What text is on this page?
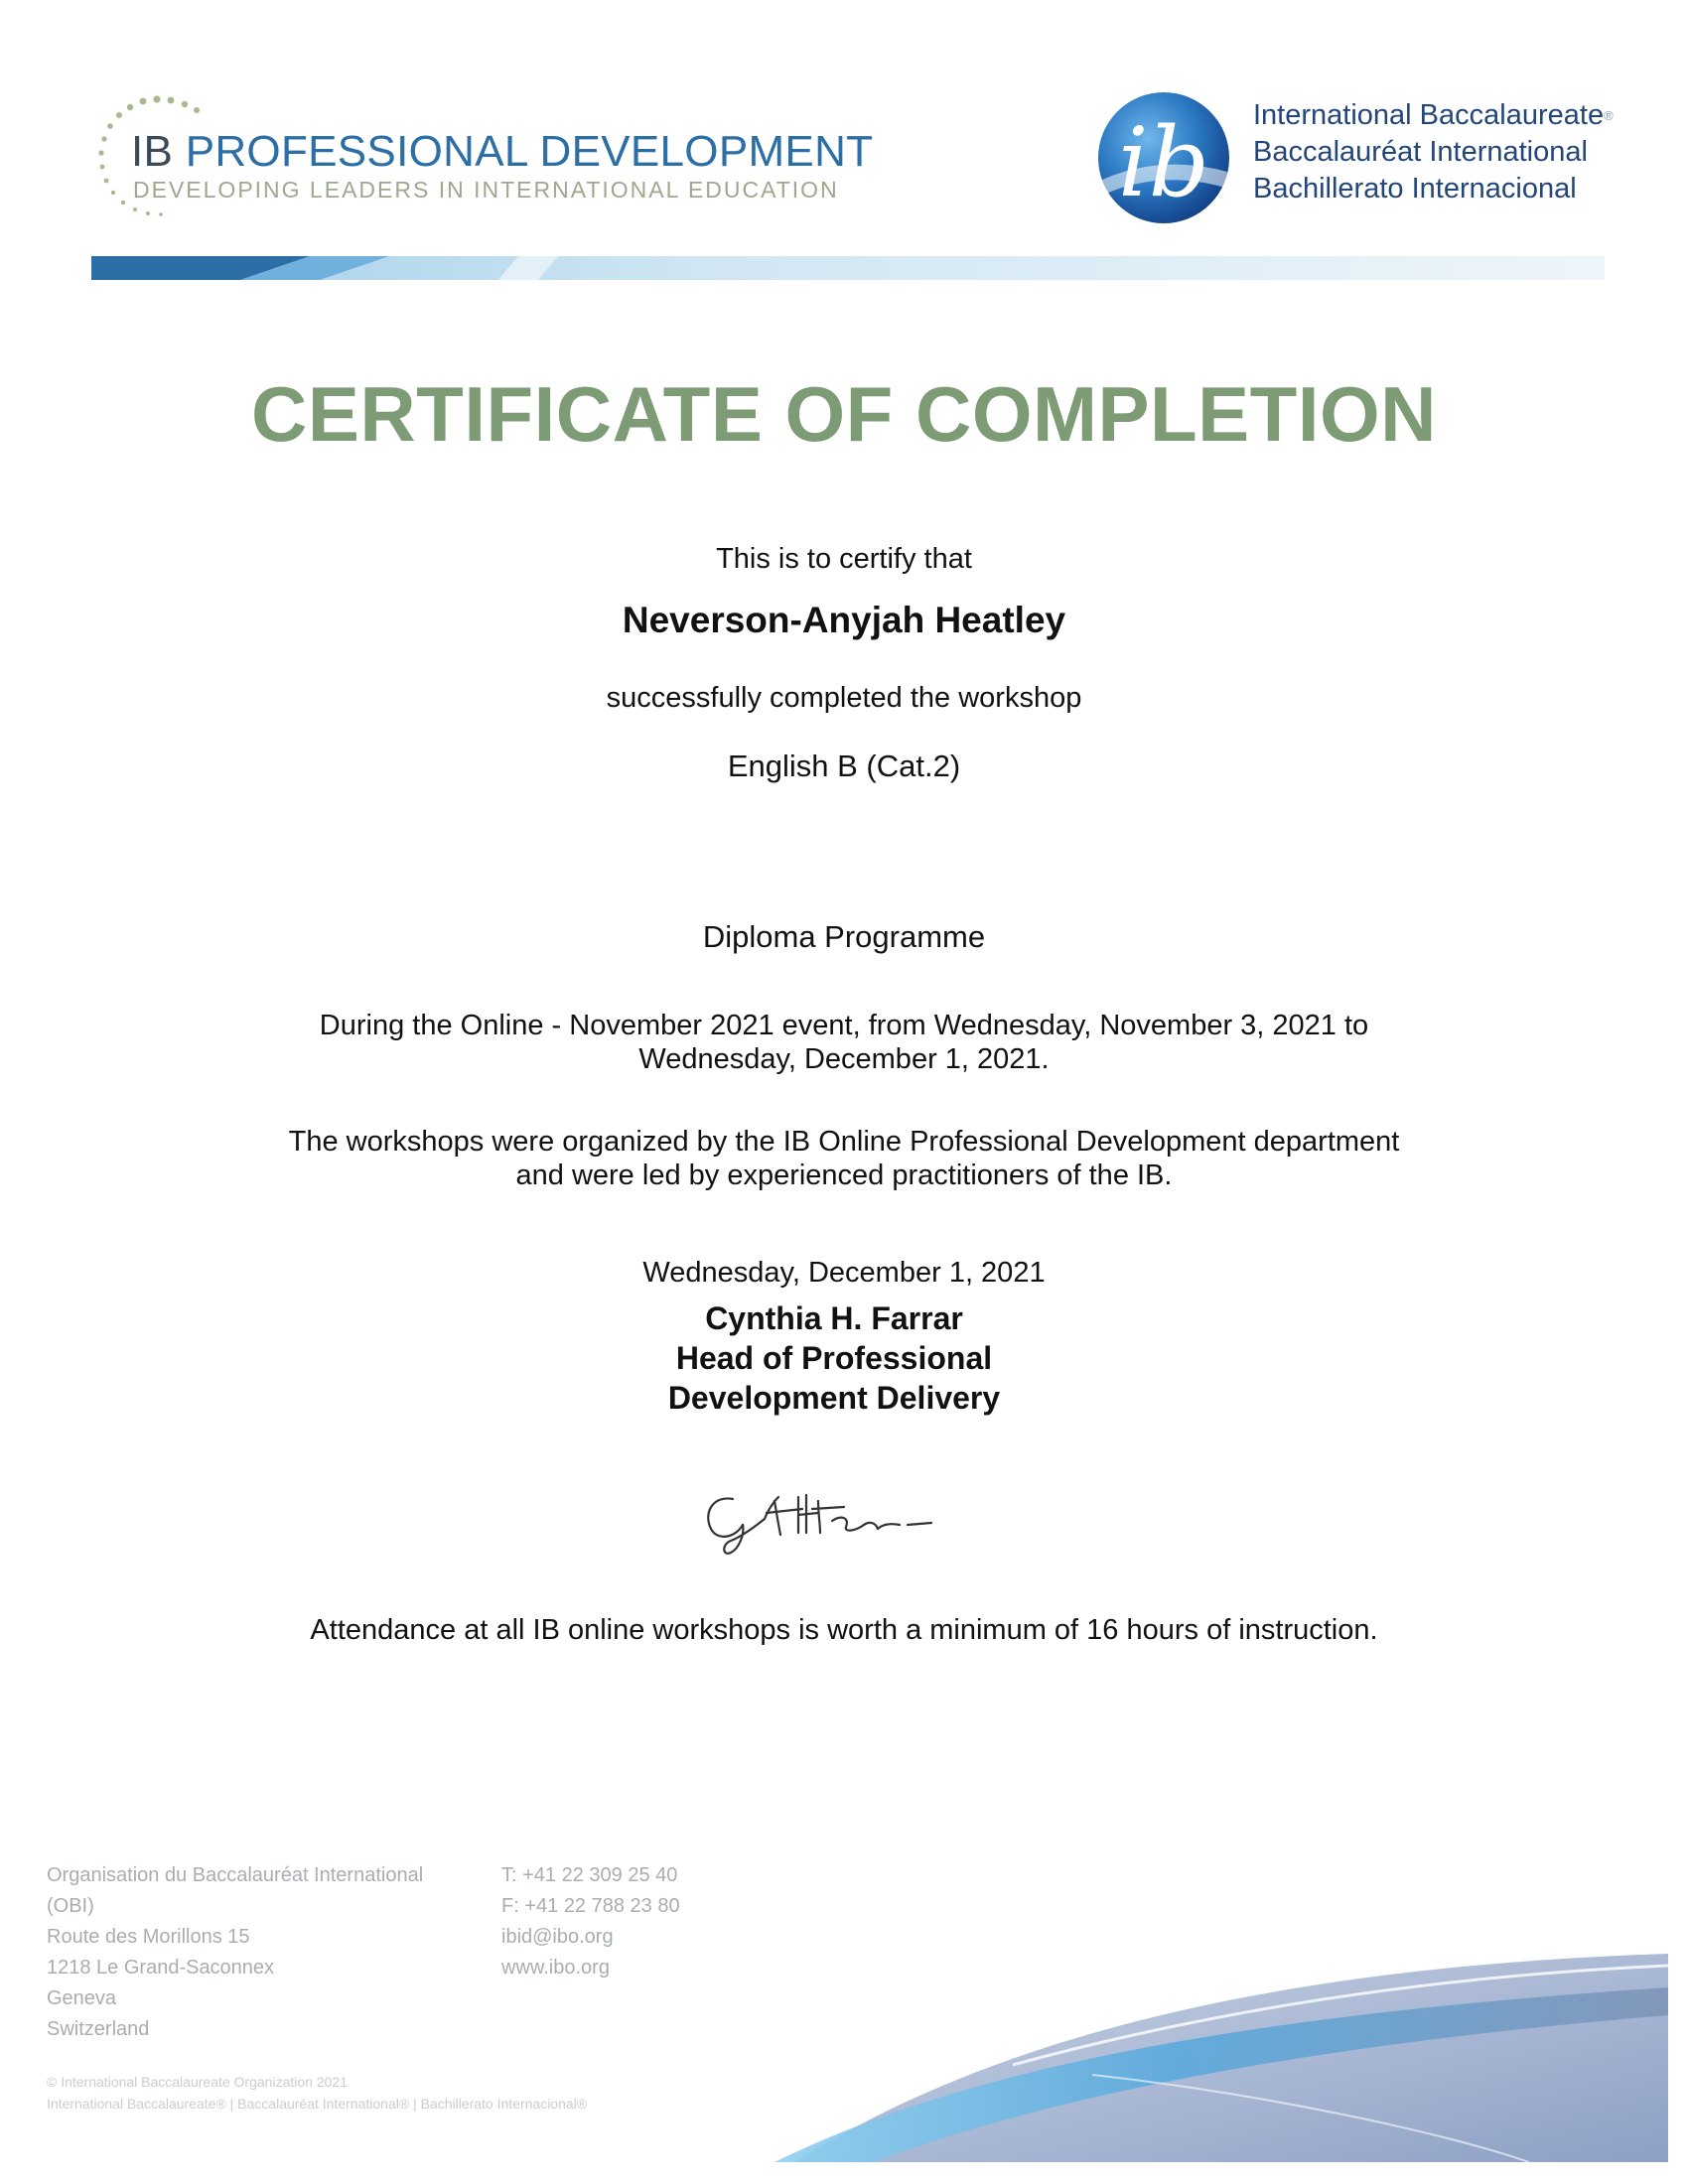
IB PROFESSIONAL DEVELOPMENT
DEVELOPING LEADERS IN INTERNATIONAL EDUCATION	ib International Baccalaureate®
Baccalauréat International
Bachillerato Internacional
CERTIFICATE OF COMPLETION
This is to certify that
Neverson-Anyjah Heatley
successfully completed the workshop
English B (Cat.2)
Diploma Programme
During the Online - November 2021 event, from Wednesday, November 3, 2021 to
Wednesday, December 1, 2021.
The workshops were organized by the IB Online Professional Development department
and were led by experienced practitioners of the IB.
Wednesday, December 1, 2021
Cynthia H. Farrar
Head of Professional
Development Delivery
Attendance at all IB online workshops is worth a minimum of 16 hours of instruction.
Organisation du Baccalauréat International
(OBI)
Route des Morillons 15
1218 Le Grand-Saconnex
Geneva
Switzerland
T: +41 22 309 25 40
F: +41 22 788 23 80
ibid@ibo.org
www.ibo.org
© International Baccalaureate Organization 2021
International Baccalaureate® | Baccalauréat International® | Bachillerato Internacional®
